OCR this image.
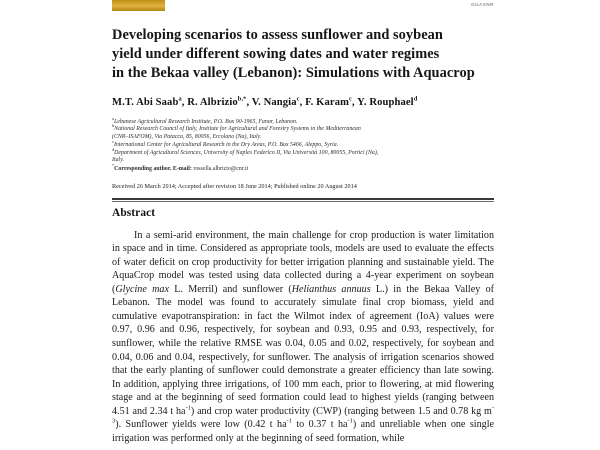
GUASNR
Developing scenarios to assess sunflower and soybean
yield under different sowing dates and water regimes
in the Bekaa valley (Lebanon): Simulations with Aquacrop
M.T. Abi Saab$^a$, R. Albrizio$^{b,*}$, V. Nangia$^c$, F. Karam$^c$, Y. Rouphael$^d$
$^a$Lebanese Agricultural Research Institute, P.O. Box 90-1965, Fanar, Lebanon.
$^b$National Research Council of Italy, Institute for Agricultural and Forestry Systems in the Mediterranean
(CNR–ISAFOM), Via Patacca, 85, 80056, Ercolano (Na), Italy.
$^c$International Center for Agricultural Research in the Dry Areas, P.O. Box 5466, Aleppo, Syria.
$^d$Department of Agricultural Sciences, University of Naples Federico II, Via Università 100, 80055, Portici (Na),
Italy.
*Corresponding author. E-mail: rossella.albrizio@cnr.it
Received 26 March 2014; Accepted after revision 18 June 2014; Published online 20 August 2014
Abstract

In a semi-arid environment, the main challenge for crop production is water limitation in space and in time. Considered as appropriate tools, models are used to evaluate the effects of water deficit on crop productivity for better irrigation planning and sustainable yield. The AquaCrop model was tested using data collected during a 4-year experiment on soybean (Glycine max L. Merril) and sunflower (Helianthus annuus L.) in the Bekaa Valley of Lebanon. The model was found to accurately simulate final crop biomass, yield and cumulative evapotranspiration: in fact the Wilmot index of agreement (IoA) values were 0.97, 0.96 and 0.96, respectively, for soybean and 0.93, 0.95 and 0.93, respectively, for sunflower, while the relative RMSE was 0.04, 0.05 and 0.02, respectively, for soybean and 0.04, 0.06 and 0.04, respectively, for sunflower. The analysis of irrigation scenarios showed that the early planting of sunflower could demonstrate a greater efficiency than late sowing. In addition, applying three irrigations, of 100 mm each, prior to flowering, at mid flowering stage and at the beginning of seed formation could lead to highest yields (ranging between 4.51 and 2.34 t $ha^{-1}$) and crop water productivity (CWP) (ranging between 1.5 and 0.78 kg $m^{-3}$). Sunflower yields were low (0.42 t $ha^{-1}$ to 0.37 t $ha^{-1}$) and unreliable when one single irrigation was performed only at the beginning of seed formation, while
